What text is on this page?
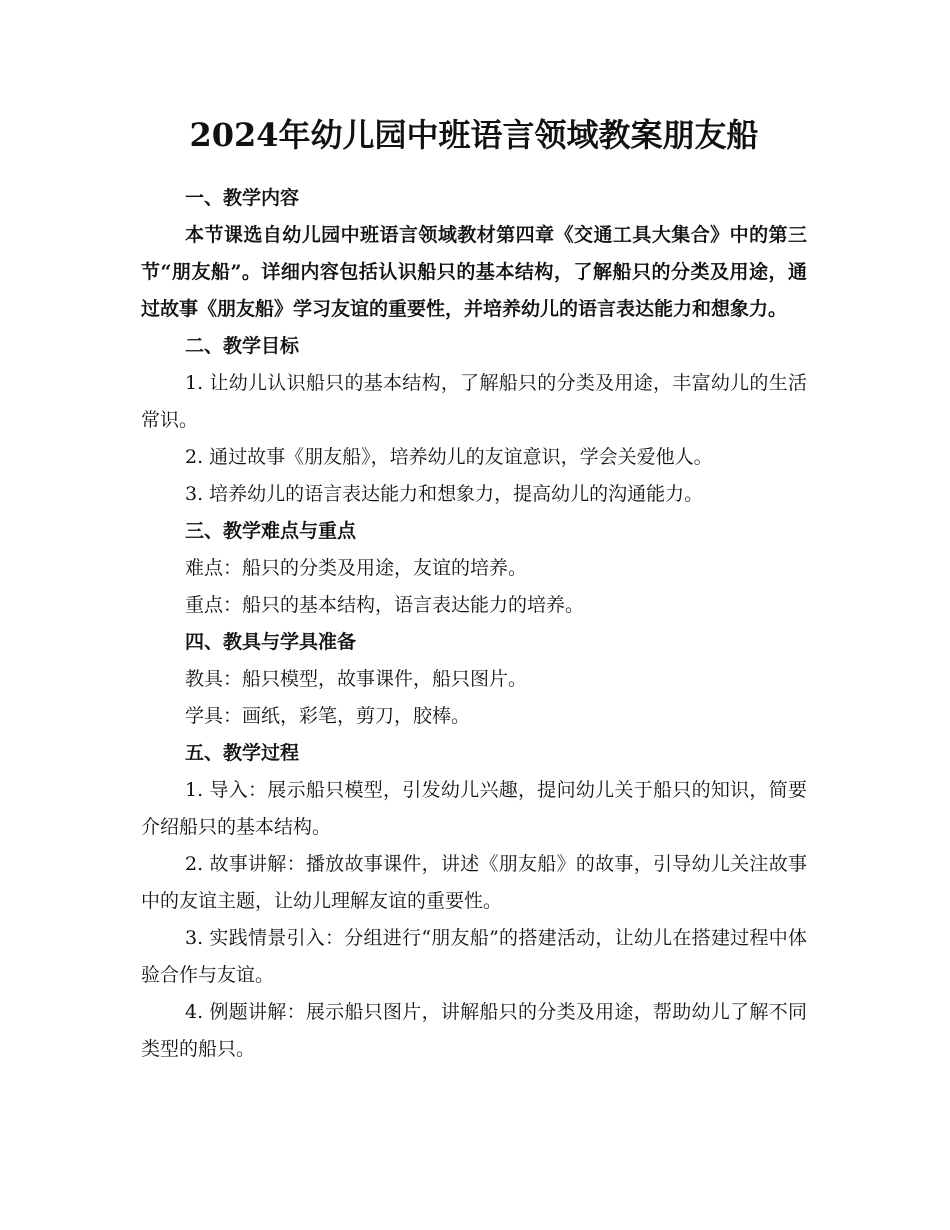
2024年幼儿园中班语言领域教案朋友船

一、教学内容

本节课选自幼儿园中班语言领域教材第四章《交通工具大集合》中的第三节“朋友船”。详细内容包括认识船只的基本结构，了解船只的分类及用途，通过故事《朋友船》学习友谊的重要性，并培养幼儿的语言表达能力和想象力。

二、教学目标

1. 让幼儿认识船只的基本结构，了解船只的分类及用途，丰富幼儿的生活常识。

2. 通过故事《朋友船》，培养幼儿的友谊意识，学会关爱他人。

3. 培养幼儿的语言表达能力和想象力，提高幼儿的沟通能力。

三、教学难点与重点

难点：船只的分类及用途，友谊的培养。

重点：船只的基本结构，语言表达能力的培养。

四、教具与学具准备

教具：船只模型，故事课件，船只图片。

学具：画纸，彩笔，剪刀，胶棒。

五、教学过程

1. 导入：展示船只模型，引发幼儿兴趣，提问幼儿关于船只的知识，简要介绍船只的基本结构。

2. 故事讲解：播放故事课件，讲述《朋友船》的故事，引导幼儿关注故事中的友谊主题，让幼儿理解友谊的重要性。

3. 实践情景引入：分组进行“朋友船”的搭建活动，让幼儿在搭建过程中体验合作与友谊。

4. 例题讲解：展示船只图片，讲解船只的分类及用途，帮助幼儿了解不同类型的船只。
